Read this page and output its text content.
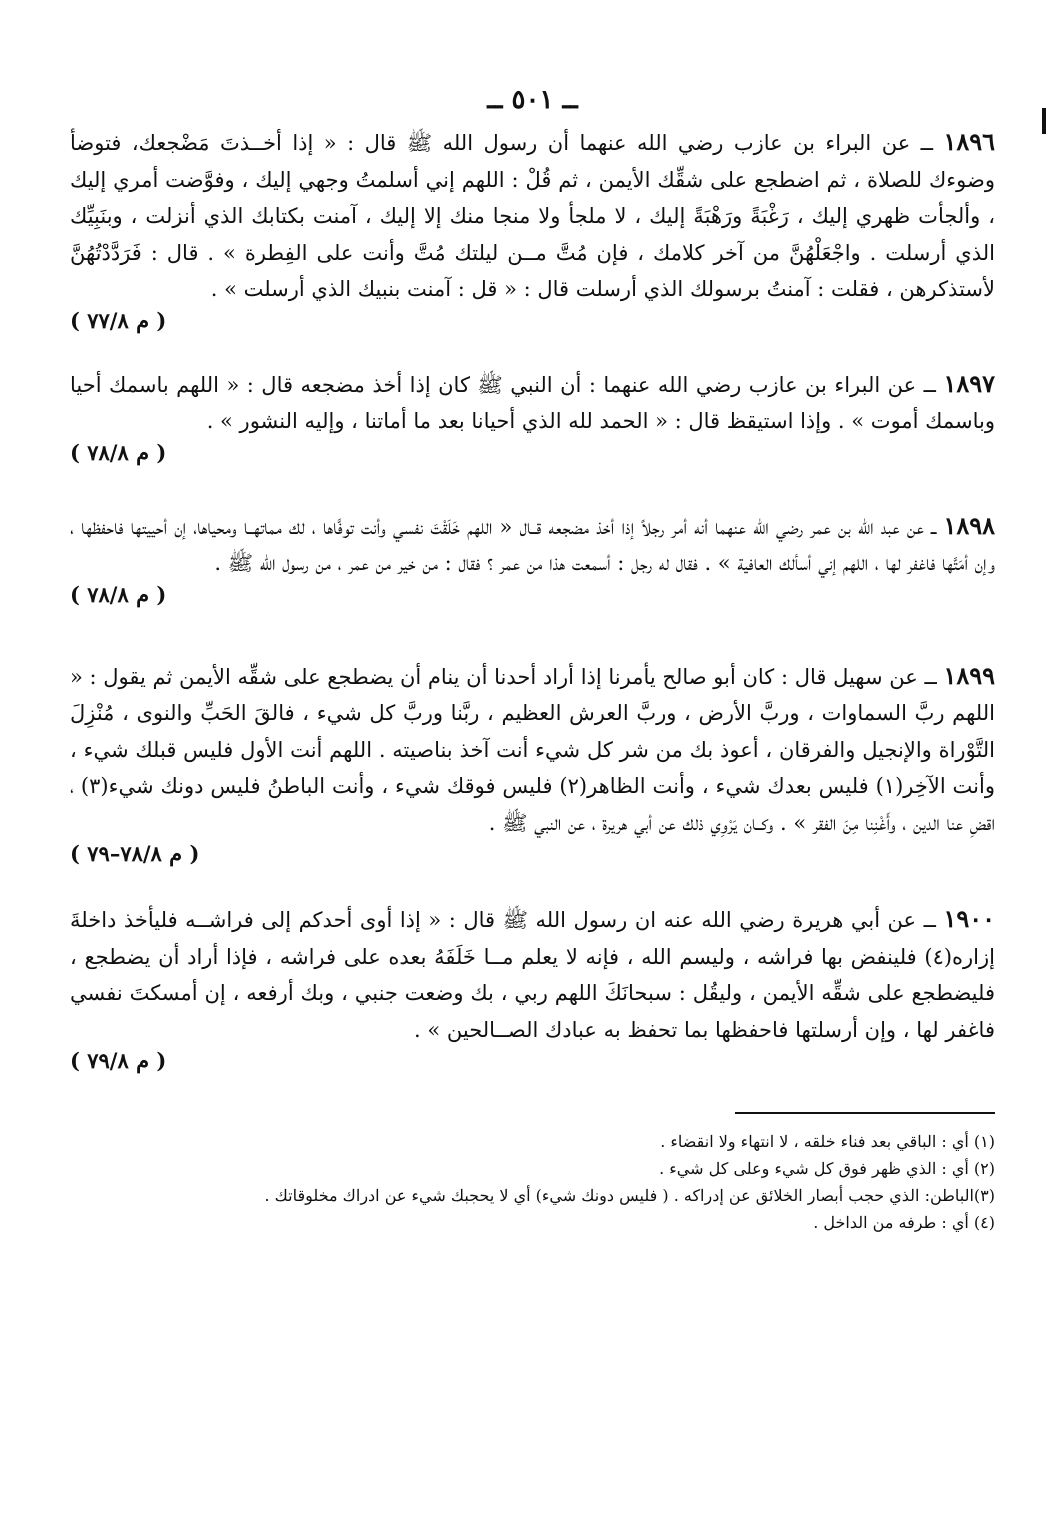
ــ ٥٠١ ــ

١٨٩٦ ــ عن البراء بن عازب رضي الله عنهما أن رسول الله ﷺ قال : « إذا أخــذتَ مَضْجعك، فتوضأ وضوءك للصلاة ، ثم اضطجع على شقِّك الأيمن ، ثم قُلْ : اللهم إني أسلمتُ وجهي إليك ، وفوَّضت أمري إليك ، وألجأت ظهري إليك ، رَغْبَةً ورَهْبَةً إليك ، لا ملجأ ولا منجا منك إلا إليك ، آمنت بكتابك الذي أنزلت ، وبنَبِيِّك الذي أرسلت . واجْعَلْهُنَّ من آخر كلامك ، فإن مُتَّ مــن ليلتك مُتَّ وأنت على الفِطرة » . قال : فَرَدَّدْتُهُنَّ لأستذكرهن ، فقلت : آمنتُ برسولك الذي أرسلت قال : « قل : آمنت بنبيك الذي أرسلت » .

( م ٧٧/٨ )

١٨٩٧ ــ عن البراء بن عازب رضي الله عنهما : أن النبي ﷺ كان إذا أخذ مضجعه قال : « اللهم باسمك أحيا وباسمك أموت » . وإذا استيقظ قال : « الحمد لله الذي أحيانا بعد ما أماتنا ، وإليه النشور » .

( م ٧٨/٨ )

١٨٩٨ ــ عن عبد الله بن عمر رضي الله عنهما أنه أمر رجلاً إذا أخذ مضجعه قــال « اللهم خَلَقْتَ نفسي وأنت توفَّاها ، لك مماتهــا ومحياها، إن أحييتها فاحفظها ، وإن أمَتَّها فاغفر لها ، اللهم إني أسألك العافية » . فقال له رجل : أسمعت هذا من عمر ؟ فقال : من خير من عمر ، من رسول الله ﷺ .

( م ٧٨/٨ )

١٨٩٩ ــ عن سهيل قال : كان أبو صالح يأمرنا إذا أراد أحدنا أن ينام أن يضطجع على شقِّه الأيمن ثم يقول : « اللهم ربَّ السماوات ، وربَّ الأرض ، وربَّ العرش العظيم ، ربَّنا وربَّ كل شيء ، فالقَ الحَبِّ والنوى ، مُنْزِلَ التَّوْراة والإنجيل والفرقان ، أعوذ بك من شر كل شيء أنت آخذ بناصيته . اللهم أنت الأول فليس قبلك شيء ، وأنت الآخِر(١) فليس بعدك شيء ، وأنت الظاهر(٢) فليس فوقك شيء ، وأنت الباطنُ فليس دونك شيء(٣) ، اقضِ عنا الدين ، وأَغْنِنا مِنَ الفقر » . وكــان يَرْوِي ذلك عن أبي هريرة ، عن النبي ﷺ .

( م ٧٨/٨–٧٩ )

١٩٠٠ ــ عن أبي هريرة رضي الله عنه ان رسول الله ﷺ قال : « إذا أوى أحدكم إلى فراشــه فليأخذ داخلةَ إزاره(٤) فلينفض بها فراشه ، وليسم الله ، فإنه لا يعلم مــا خَلَفَهُ بعده على فراشه ، فإذا أراد أن يضطجع ، فليضطجع على شقِّه الأيمن ، وليقُل : سبحانَكَ اللهم ربي ، بك وضعت جنبي ، وبك أرفعه ، إن أمسكتَ نفسي فاغفر لها ، وإن أرسلتها فاحفظها بما تحفظ به عبادك الصــالحين » .

( م ٧٩/٨ )

(١) أي : الباقي بعد فناء خلقه ، لا انتهاء ولا انقضاء .

(٢) أي : الذي ظهر فوق كل شيء وعلى كل شيء .

(٣)الباطن: الذي حجب أبصار الخلائق عن إدراكه . ( فليس دونك شيء) أي لا يحجبك شيء عن ادراك مخلوقاتك .

(٤) أي : طرفه من الداخل .
